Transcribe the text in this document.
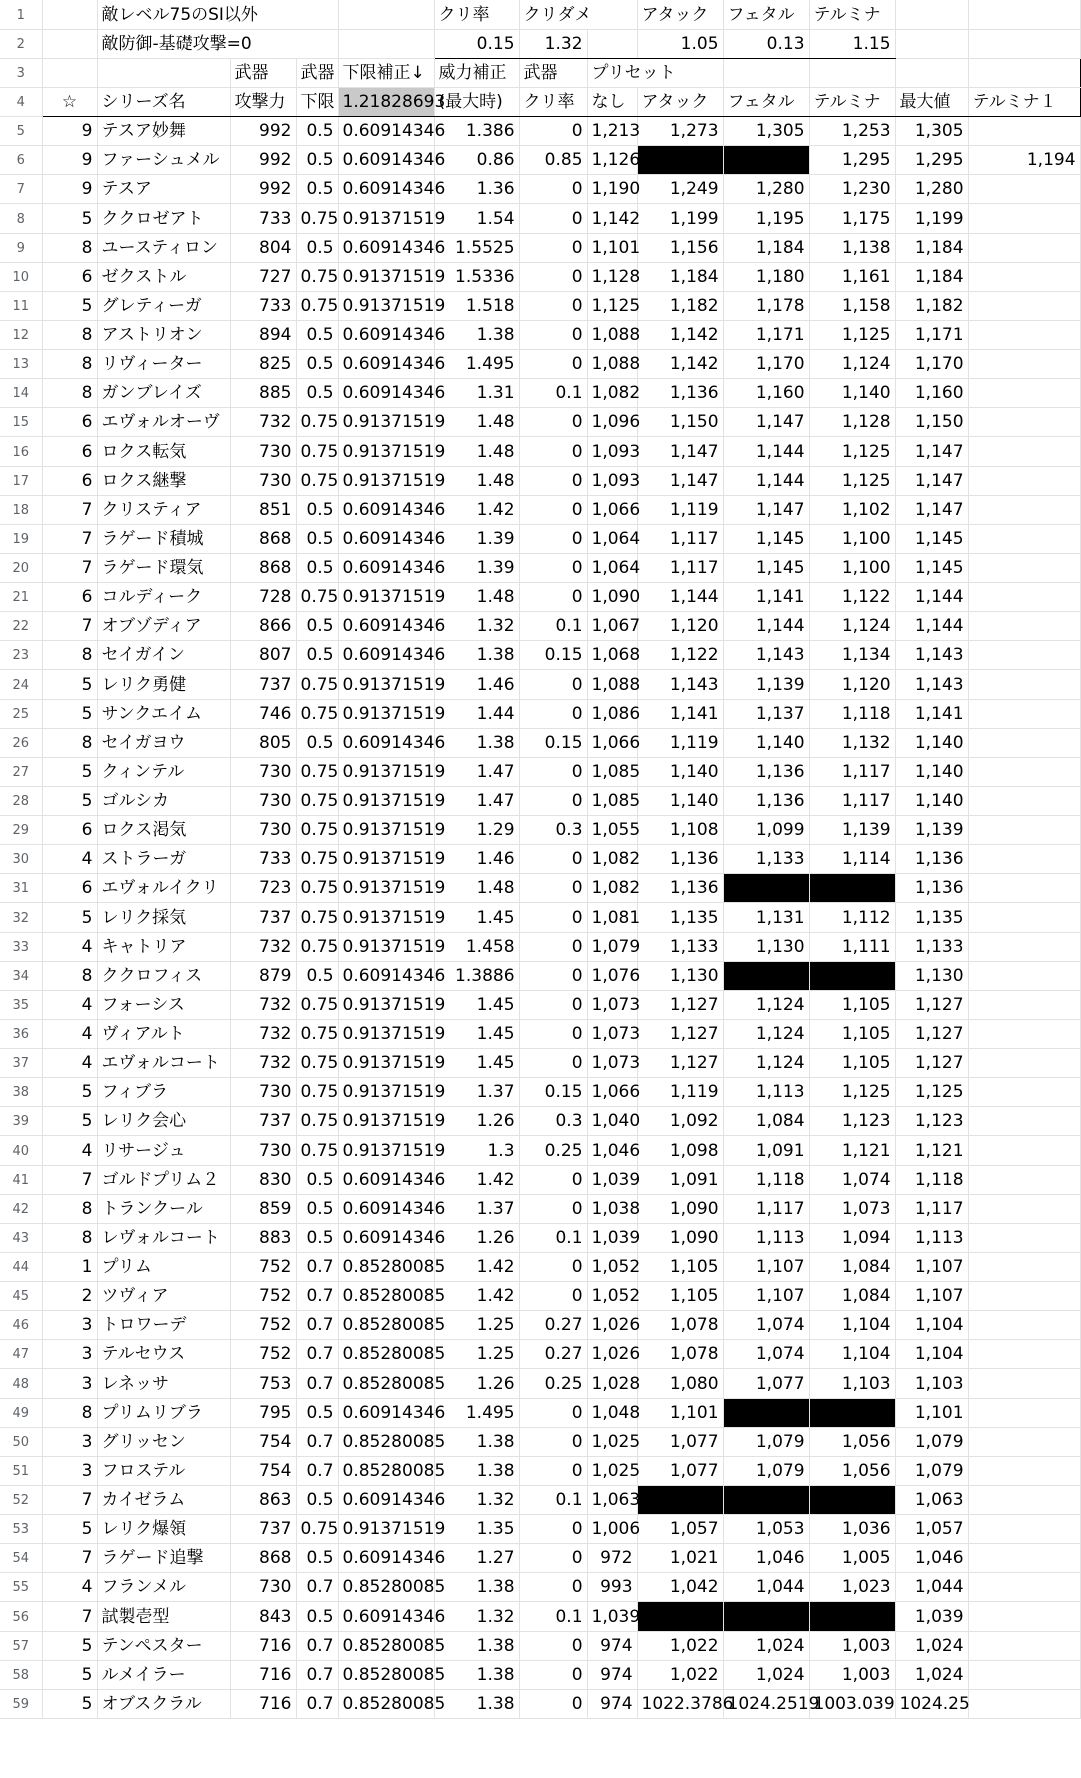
1		敵レベル75のSI以外				クリ率	クリダメ		アタック	フェタル	テルミナ		
2		敵防御-基礎攻撃=0				0.15	1.32		1.05	0.13	1.15		
3			武器	武器	下限補正↓	威力補正	武器	プリセット					
4	☆	シリーズ名	攻撃力	下限	1.21828693	(最大時)	クリ率	なし	アタック	フェタル	テルミナ	最大値	テルミナ１
5	9	テスア妙舞	992	0.5	0.60914346	1.386	0	1,213	1,273	1,305	1,253	1,305	
6	9	ファーシュメル	992	0.5	0.60914346	0.86	0.85	1,126			1,295	1,295	1,194
7	9	テスア	992	0.5	0.60914346	1.36	0	1,190	1,249	1,280	1,230	1,280	
8	5	ククロゼアト	733	0.75	0.91371519	1.54	0	1,142	1,199	1,195	1,175	1,199	
9	8	ユースティロン	804	0.5	0.60914346	1.5525	0	1,101	1,156	1,184	1,138	1,184	
10	6	ゼクストル	727	0.75	0.91371519	1.5336	0	1,128	1,184	1,180	1,161	1,184	
11	5	グレティーガ	733	0.75	0.91371519	1.518	0	1,125	1,182	1,178	1,158	1,182	
12	8	アストリオン	894	0.5	0.60914346	1.38	0	1,088	1,142	1,171	1,125	1,171	
13	8	リヴィーター	825	0.5	0.60914346	1.495	0	1,088	1,142	1,170	1,124	1,170	
14	8	ガンブレイズ	885	0.5	0.60914346	1.31	0.1	1,082	1,136	1,160	1,140	1,160	
15	6	エヴォルオーヴ	732	0.75	0.91371519	1.48	0	1,096	1,150	1,147	1,128	1,150	
16	6	ロクス転気	730	0.75	0.91371519	1.48	0	1,093	1,147	1,144	1,125	1,147	
17	6	ロクス継撃	730	0.75	0.91371519	1.48	0	1,093	1,147	1,144	1,125	1,147	
18	7	クリスティア	851	0.5	0.60914346	1.42	0	1,066	1,119	1,147	1,102	1,147	
19	7	ラゲード積城	868	0.5	0.60914346	1.39	0	1,064	1,117	1,145	1,100	1,145	
20	7	ラゲード環気	868	0.5	0.60914346	1.39	0	1,064	1,117	1,145	1,100	1,145	
21	6	コルディーク	728	0.75	0.91371519	1.48	0	1,090	1,144	1,141	1,122	1,144	
22	7	オブゾディア	866	0.5	0.60914346	1.32	0.1	1,067	1,120	1,144	1,124	1,144	
23	8	セイガイン	807	0.5	0.60914346	1.38	0.15	1,068	1,122	1,143	1,134	1,143	
24	5	レリク勇健	737	0.75	0.91371519	1.46	0	1,088	1,143	1,139	1,120	1,143	
25	5	サンクエイム	746	0.75	0.91371519	1.44	0	1,086	1,141	1,137	1,118	1,141	
26	8	セイガヨウ	805	0.5	0.60914346	1.38	0.15	1,066	1,119	1,140	1,132	1,140	
27	5	クィンテル	730	0.75	0.91371519	1.47	0	1,085	1,140	1,136	1,117	1,140	
28	5	ゴルシカ	730	0.75	0.91371519	1.47	0	1,085	1,140	1,136	1,117	1,140	
29	6	ロクス渇気	730	0.75	0.91371519	1.29	0.3	1,055	1,108	1,099	1,139	1,139	
30	4	ストラーガ	733	0.75	0.91371519	1.46	0	1,082	1,136	1,133	1,114	1,136	
31	6	エヴォルイクリ	723	0.75	0.91371519	1.48	0	1,082	1,136			1,136	
32	5	レリク採気	737	0.75	0.91371519	1.45	0	1,081	1,135	1,131	1,112	1,135	
33	4	キャトリア	732	0.75	0.91371519	1.458	0	1,079	1,133	1,130	1,111	1,133	
34	8	ククロフィス	879	0.5	0.60914346	1.3886	0	1,076	1,130			1,130	
35	4	フォーシス	732	0.75	0.91371519	1.45	0	1,073	1,127	1,124	1,105	1,127	
36	4	ヴィアルト	732	0.75	0.91371519	1.45	0	1,073	1,127	1,124	1,105	1,127	
37	4	エヴォルコート	732	0.75	0.91371519	1.45	0	1,073	1,127	1,124	1,105	1,127	
38	5	フィブラ	730	0.75	0.91371519	1.37	0.15	1,066	1,119	1,113	1,125	1,125	
39	5	レリク会心	737	0.75	0.91371519	1.26	0.3	1,040	1,092	1,084	1,123	1,123	
40	4	リサージュ	730	0.75	0.91371519	1.3	0.25	1,046	1,098	1,091	1,121	1,121	
41	7	ゴルドプリム２	830	0.5	0.60914346	1.42	0	1,039	1,091	1,118	1,074	1,118	
42	8	トランクール	859	0.5	0.60914346	1.37	0	1,038	1,090	1,117	1,073	1,117	
43	8	レヴォルコート	883	0.5	0.60914346	1.26	0.1	1,039	1,090	1,113	1,094	1,113	
44	1	プリム	752	0.7	0.85280085	1.42	0	1,052	1,105	1,107	1,084	1,107	
45	2	ツヴィア	752	0.7	0.85280085	1.42	0	1,052	1,105	1,107	1,084	1,107	
46	3	トロワーデ	752	0.7	0.85280085	1.25	0.27	1,026	1,078	1,074	1,104	1,104	
47	3	テルセウス	752	0.7	0.85280085	1.25	0.27	1,026	1,078	1,074	1,104	1,104	
48	3	レネッサ	753	0.7	0.85280085	1.26	0.25	1,028	1,080	1,077	1,103	1,103	
49	8	プリムリブラ	795	0.5	0.60914346	1.495	0	1,048	1,101			1,101	
50	3	グリッセン	754	0.7	0.85280085	1.38	0	1,025	1,077	1,079	1,056	1,079	
51	3	フロステル	754	0.7	0.85280085	1.38	0	1,025	1,077	1,079	1,056	1,079	
52	7	カイゼラム	863	0.5	0.60914346	1.32	0.1	1,063				1,063	
53	5	レリク爆領	737	0.75	0.91371519	1.35	0	1,006	1,057	1,053	1,036	1,057	
54	7	ラゲード追撃	868	0.5	0.60914346	1.27	0	972	1,021	1,046	1,005	1,046	
55	4	フランメル	730	0.7	0.85280085	1.38	0	993	1,042	1,044	1,023	1,044	
56	7	試製壱型	843	0.5	0.60914346	1.32	0.1	1,039				1,039	
57	5	テンペスター	716	0.7	0.85280085	1.38	0	974	1,022	1,024	1,003	1,024	
58	5	ルメイラー	716	0.7	0.85280085	1.38	0	974	1,022	1,024	1,003	1,024	
59	5	オブスクラル	716	0.7	0.85280085	1.38	0	974	1022.3786	1024.2519	1003.039	1024.25	
